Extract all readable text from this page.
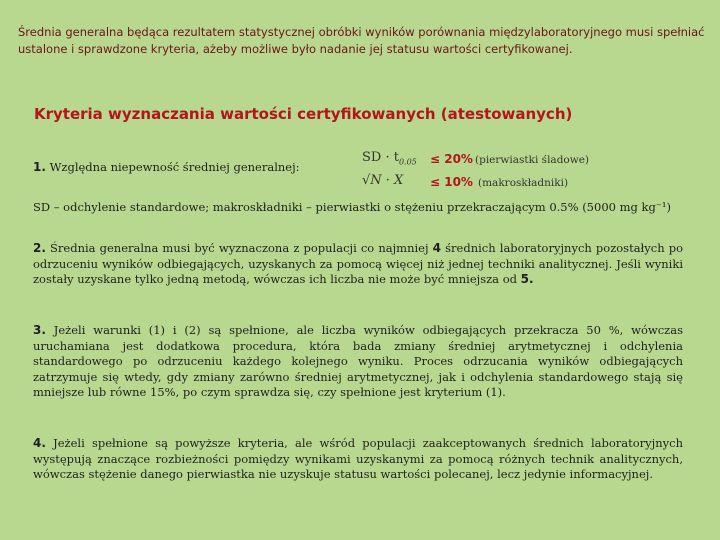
Średnia generalna będąca rezultatem statystycznej obróbki wyników porównania międzylaboratoryjnego musi spełniać ustalone i sprawdzone kryteria, ażeby możliwe było nadanie jej statusu wartości certyfikowanej.
Kryteria wyznaczania wartości certyfikowanych (atestowanych)
1. Względna niepewność średniej generalnej:
SD · $t_{0.05}$
√N · X
≤ 20% (pierwiastki śladowe)
≤ 10% (makroskładniki)
SD – odchylenie standardowe; makroskładniki – pierwiastki o stężeniu przekraczającym 0.5% (5000 mg kg⁻¹)
2. Średnia generalna musi być wyznaczona z populacji co najmniej 4 średnich laboratoryjnych pozostałych po odrzuceniu wyników odbiegających, uzyskanych za pomocą więcej niż jednej techniki analitycznej. Jeśli wyniki zostały uzyskane tylko jedną metodą, wówczas ich liczba nie może być mniejsza od 5.
3. Jeżeli warunki (1) i (2) są spełnione, ale liczba wyników odbiegających przekracza 50 %, wówczas uruchamiana jest dodatkowa procedura, która bada zmiany średniej arytmetycznej i odchylenia standardowego po odrzuceniu każdego kolejnego wyniku. Proces odrzucania wyników odbiegających zatrzymuje się wtedy, gdy zmiany zarówno średniej arytmetycznej, jak i odchylenia standardowego stają się mniejsze lub równe 15%, po czym sprawdza się, czy spełnione jest kryterium (1).
4. Jeżeli spełnione są powyższe kryteria, ale wśród populacji zaakceptowanych średnich laboratoryjnych występują znaczące rozbieżności pomiędzy wynikami uzyskanymi za pomocą różnych technik analitycznych, wówczas stężenie danego pierwiastka nie uzyskuje statusu wartości polecanej, lecz jedynie informacyjnej.
